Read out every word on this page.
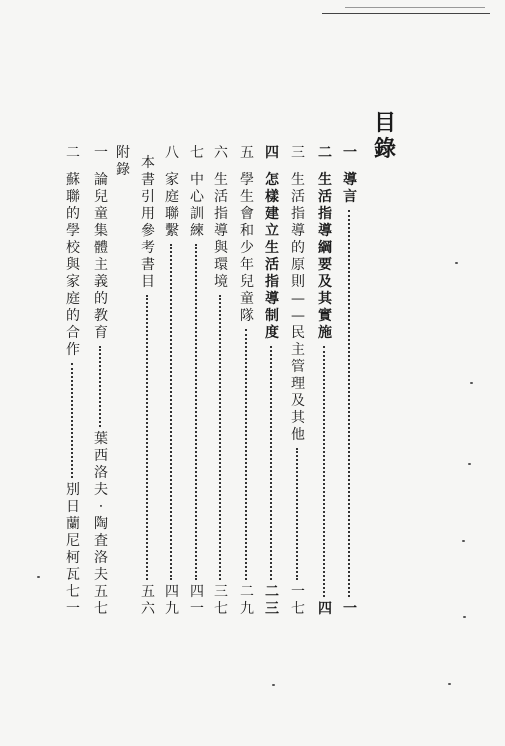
目
錄
一
導
言
一
二
生
活
指
導
綱
要
及
其
實
施
四
三
生
活
指
導
的
原
則
—
—
民
主
管
理
及
其
他
一
七
四
怎
樣
建
立
生
活
指
導
制
度
二
三
五
學
生
會
和
少
年
兒
童
隊
二
九
六
生
活
指
導
與
環
境
三
七
七
中
心
訓
練
四
一
八
家
庭
聯
繫
四
九
本
書
引
用
參
考
書
目
五
六
附錄
一
論
兒
童
集
體
主
義
的
教
育
葉
西
洛
夫
‧
陶
査
洛
夫
五
七
二
蘇
聯
的
學
校
與
家
庭
的
合
作
別
日
蘭
尼
柯
瓦
七
一
